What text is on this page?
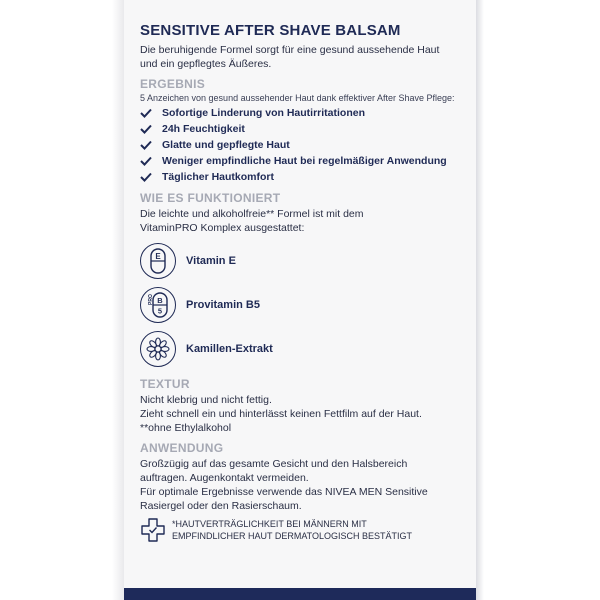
SENSITIVE AFTER SHAVE BALSAM

Die beruhigende Formel sorgt für eine gesund aussehende Haut

und ein gepflegtes Äußeres.

ERGEBNIS

5 Anzeichen von gesund aussehender Haut dank effektiver After Shave Pflege:

Sofortige Linderung von Hautirritationen
24h Feuchtigkeit
Glatte und gepflegte Haut
Weniger empfindliche Haut bei regelmäßiger Anwendung
Täglicher Hautkomfort
WIE ES FUNKTIONIERT

Die leichte und alkoholfreie** Formel ist mit dem

VitaminPRO Komplex ausgestattet:

E Vitamin E
PRO B
5 Provitamin B5
Kamillen-Extrakt
TEXTUR

Nicht klebrig und nicht fettig.

Zieht schnell ein und hinterlässt keinen Fettfilm auf der Haut.

**ohne Ethylalkohol

ANWENDUNG

Großzügig auf das gesamte Gesicht und den Halsbereich

auftragen. Augenkontakt vermeiden.

Für optimale Ergebnisse verwende das NIVEA MEN Sensitive

Rasiergel oder den Rasierschaum.

*HAUTVERTRÄGLICHKEIT BEI MÄNNERN MIT
EMPFINDLICHER HAUT DERMATOLOGISCH BESTÄTIGT
